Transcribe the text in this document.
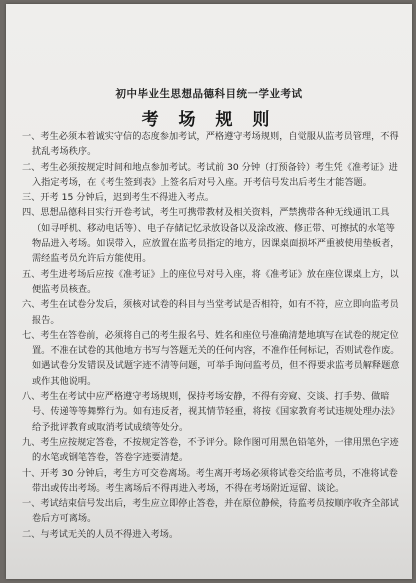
初中毕业生思想品德科目统一学业考试
考 场 规 则

一、考生必须本着诚实守信的态度参加考试，严格遵守考场规则，自觉服从监考员管理，不得扰乱考场秩序。

二、考生必须按规定时间和地点参加考试。考试前 30 分钟（打预备铃）考生凭《准考证》进入指定考场，在《考生签到表》上签名后对号入座。开考信号发出后考生才能答题。

三、开考 15 分钟后，迟到考生不得进入考点。

四、思想品德科目实行开卷考试，考生可携带教材及相关资料，严禁携带各种无线通讯工具（如寻呼机、移动电话等）、电子存储记忆录放设备以及涂改液、修正带、可擦拭的水笔等物品进入考场。如误带入，应放置在监考员指定的地方，因课桌面损坏严重被使用垫板者，需经监考员允许后方能使用。

五、考生进考场后应按《准考证》上的座位号对号入座，将《准考证》放在座位课桌上方，以便监考员核查。

六、考生在试卷分发后，须核对试卷的科目与当堂考试是否相符，如有不符，应立即向监考员报告。

七、考生在答卷前，必须将自己的考生报名号、姓名和座位号准确清楚地填写在试卷的规定位置。不准在试卷的其他地方书写与答题无关的任何内容，不准作任何标记，否则试卷作废。如遇试卷分发错误及试题字迹不清等问题，可举手询问监考员，但不得要求监考员解释题意或作其他说明。

八、考生在考试中应严格遵守考场规则，保持考场安静，不得有旁窥、交谈、打手势、做暗号、传递等等舞弊行为。如有违反者，视其情节轻重，将按《国家教育考试违规处理办法》给予批评教育或取消考试成绩等处分。

九、考生应按规定答卷，不按规定答卷，不予评分。除作图可用黑色铅笔外，一律用黑色字迹的水笔或钢笔答卷，答卷字迹要清楚。

十、开考 30 分钟后，考生方可交卷离场。考生离开考场必须将试卷交给监考员，不准将试卷带出或传出考场。考生离场后不得再进入考场，不得在考场附近逗留、谈论。

一、考试结束信号发出后，考生应立即停止答卷，并在原位静候，待监考员按顺序收齐全部试卷后方可离场。

二、与考试无关的人员不得进入考场。
